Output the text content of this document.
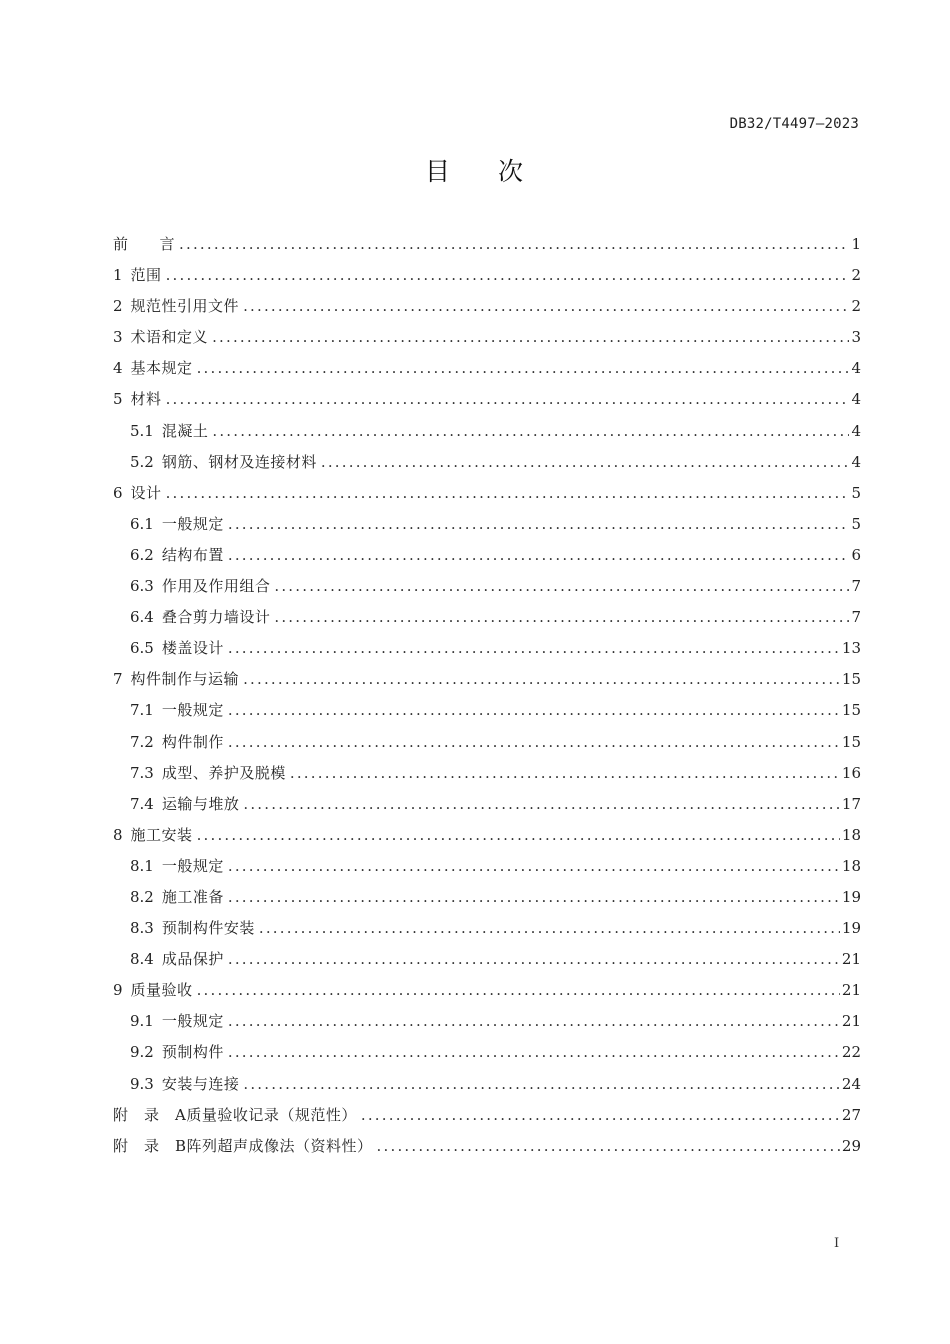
DB32/T4497—2023
目 次
前　　言 .....	1
1 范围 .....	2
2 规范性引用文件 .....	2
3 术语和定义 .....	3
4 基本规定 .....	4
5 材料 .....	4
5.1 混凝土 .....	4
5.2 钢筋、钢材及连接材料 .....	4
6 设计 .....	5
6.1 一般规定 .....	5
6.2 结构布置 .....	6
6.3 作用及作用组合 .....	7
6.4 叠合剪力墙设计 .....	7
6.5 楼盖设计 .....	13
7 构件制作与运输 .....	15
7.1 一般规定 .....	15
7.2 构件制作 .....	15
7.3 成型、养护及脱模 .....	16
7.4 运输与堆放 .....	17
8 施工安装 .....	18
8.1 一般规定 .....	18
8.2 施工准备 .....	19
8.3 预制构件安装 .....	19
8.4 成品保护 .....	21
9 质量验收 .....	21
9.1 一般规定 .....	21
9.2 预制构件 .....	22
9.3 安装与连接 .....	24
附 录 A 质量验收记录（规范性） .....	27
附 录 B 阵列超声成像法（资料性） .....	29
I
